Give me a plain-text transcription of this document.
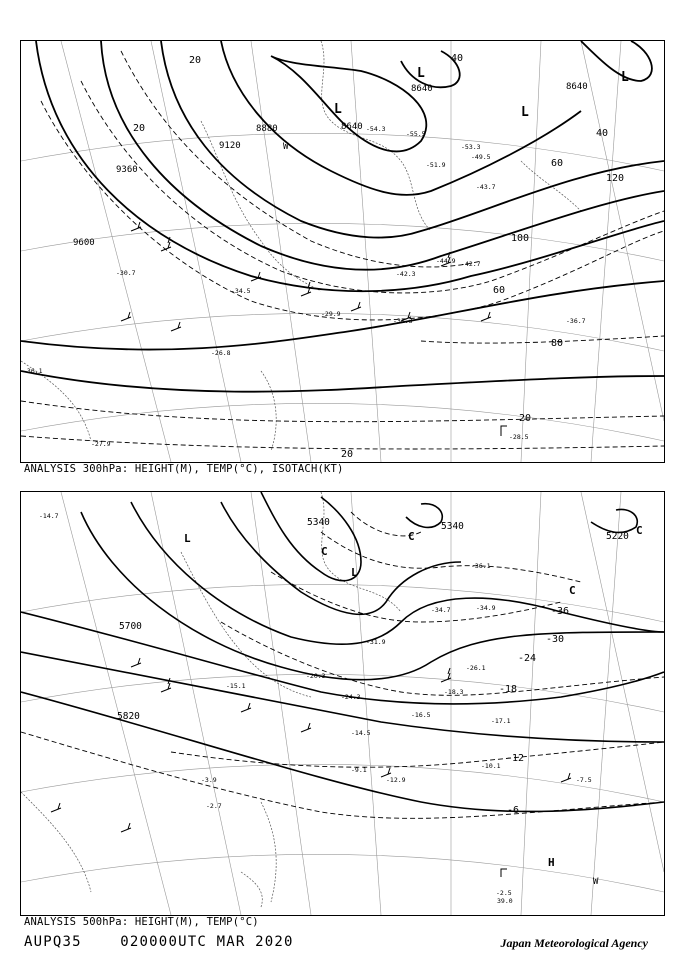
9600
9360
9120
8880	8640
8640	8640
20
20
40
60
80
100
120
60
40
20
20
L
L
L
L
-28.5
-31.3
-34.5
-36.7
-29.9
-42.3
-44.9 -42.7
-55.5
-54.3
-53.3
-51.9
-49.5
-43.7
-26.8
-27.9
-36.1
-30.7
W
ANALYSIS 300hPa: HEIGHT(M), TEMP(°C), ISOTACH(KT)
5700
5820
5340	5340
5220
-36
-30
-24
-18
-12
-6
L
C
L
C
C
C
H
-14.7
-15.1
-17.1
-10.1
-7.5
-2.5
-3.9
-2.7
-12.9
-34.7
-36.1
-34.9
-26.1
-18.3
-16.5
-14.5
-20.3
-31.9
-9.1
-24.3
W
39.0
ANALYSIS 500hPa: HEIGHT(M), TEMP(°C)
AUPQ35	020000UTC MAR 2020	Japan Meteorological Agency
